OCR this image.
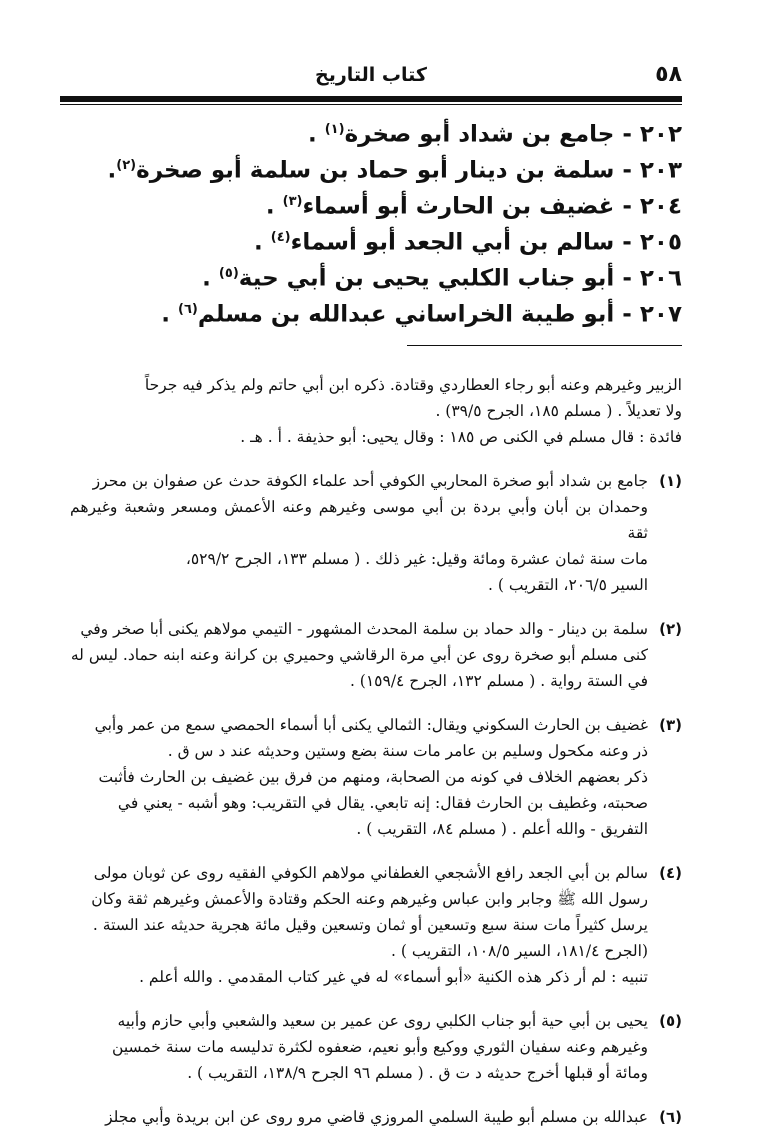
٥٨
كتاب التاريخ
٢٠٢ - جامع بن شداد أبو صخرة$^{(١)}$ .
٢٠٣ - سلمة بن دينار أبو حماد بن سلمة أبو صخرة$^{(٢)}$.
٢٠٤ - غضيف بن الحارث أبو أسماء$^{(٣)}$ .
٢٠٥ - سالم بن أبي الجعد أبو أسماء$^{(٤)}$ .
٢٠٦ - أبو جناب الكلبي يحيى بن أبي حية$^{(٥)}$ .
٢٠٧ - أبو طيبة الخراساني عبدالله بن مسلم$^{(٦)}$ .

الزبير وغيرهم وعنه أبو رجاء العطاردي وقتادة. ذكره ابن أبي حاتم ولم يذكر فيه جرحاً

ولا تعديلاً . ( مسلم ١٨٥، الجرح ٣٩/٥) .

فائدة : قال مسلم في الكنى ص ١٨٥ : وقال يحيى: أبو حذيفة . أ . هـ .

(١)

جامع بن شداد أبو صخرة المحاربي الكوفي أحد علماء الكوفة حدث عن صفوان بن محرز

وحمدان بن أبان وأبي بردة بن أبي موسى وغيرهم وعنه الأعمش ومسعر وشعبة وغيرهم ثقة

مات سنة ثمان عشرة ومائة وقيل: غير ذلك . ( مسلم ١٣٣، الجرح ٥٢٩/٢،

السير ٢٠٦/٥، التقريب ) .

(٢)

سلمة بن دينار - والد حماد بن سلمة المحدث المشهور - التيمي مولاهم يكنى أبا صخر وفي

كنى مسلم أبو صخرة روى عن أبي مرة الرقاشي وحميري بن كرانة وعنه ابنه حماد. ليس له

في الستة رواية . ( مسلم ١٣٢، الجرح ١٥٩/٤) .

(٣)

غضيف بن الحارث السكوني ويقال: الثمالي يكنى أبا أسماء الحمصي سمع من عمر وأبي

ذر وعنه مكحول وسليم بن عامر مات سنة بضع وستين وحديثه عند د س ق .

ذكر بعضهم الخلاف في كونه من الصحابة، ومنهم من فرق بين غضيف بن الحارث فأثبت

صحبته، وغطيف بن الحارث فقال: إنه تابعي. يقال في التقريب: وهو أشبه - يعني في

التفريق - والله أعلم . ( مسلم ٨٤، التقريب ) .

(٤)

سالم بن أبي الجعد رافع الأشجعي الغطفاني مولاهم الكوفي الفقيه روى عن ثوبان مولى

رسول الله ﷺ وجابر وابن عباس وغيرهم وعنه الحكم وقتادة والأعمش وغيرهم ثقة وكان

يرسل كثيراً مات سنة سبع وتسعين أو ثمان وتسعين وقيل مائة هجرية حديثه عند الستة .

(الجرح ١٨١/٤، السير ١٠٨/٥، التقريب ) .

تنبيه : لم أر ذكر هذه الكنية «أبو أسماء» له في غير كتاب المقدمي . والله أعلم .

(٥)

يحيى بن أبي حية أبو جناب الكلبي روى عن عمير بن سعيد والشعبي وأبي حازم وأبيه

وغيرهم وعنه سفيان الثوري ووكيع وأبو نعيم، ضعفوه لكثرة تدليسه مات سنة خمسين

ومائة أو قبلها أخرج حديثه د ت ق . ( مسلم ٩٦ الجرح ١٣٨/٩، التقريب ) .

(٦)

عبدالله بن مسلم أبو طيبة السلمي المروزي قاضي مرو روى عن ابن بريدة وأبي مجلز
